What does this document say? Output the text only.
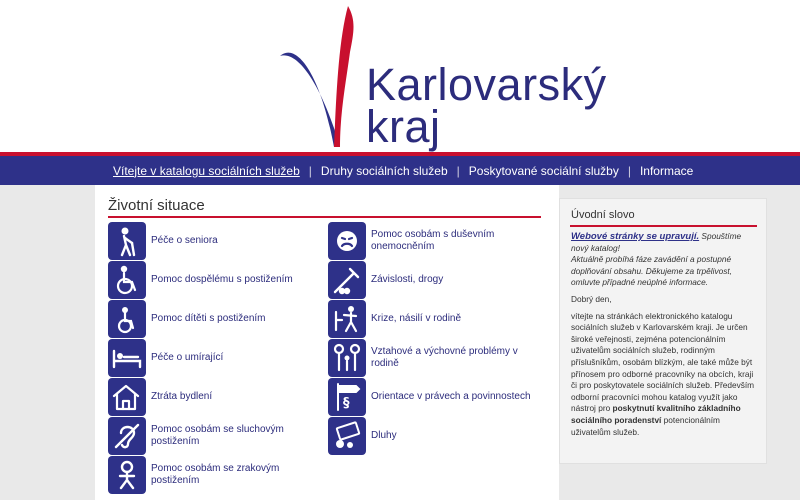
Karlovarský
kraj
Vítejte v katalogu sociálních služeb | Druhy sociálních služeb | Poskytované sociální služby | Informace
Životní situace
Péče o seniora
Pomoc dospělému s postižením
Pomoc dítěti s postižením
Péče o umírající
Ztráta bydlení
Pomoc osobám se sluchovým postižením
Pomoc osobám se zrakovým postižením
Pomoc osobám s duševním onemocněním
Závislosti, drogy
Krize, násilí v rodině
Vztahové a výchovné problémy v rodině
§ Orientace v právech a povinnostech
Dluhy
Úvodní slovo

Webové stránky se upravují. Spouštíme nový katalog!
Aktuálně probíhá fáze zavádění a postupné doplňování obsahu. Děkujeme za trpělivost, omluvte případné neúplné informace.

Dobrý den,

vítejte na stránkách elektronického katalogu sociálních služeb v Karlovarském kraji. Je určen široké veřejnosti, zejména potencionálním uživatelům sociálních služeb, rodinným příslušníkům, osobám blízkým, ale také může být přínosem pro odborné pracovníky na obcích, kraji či pro poskytovatele sociálních služeb. Především odborní pracovníci mohou katalog využít jako nástroj pro poskytnutí kvalitního základního sociálního poradenství potencionálním uživatelům služeb.
